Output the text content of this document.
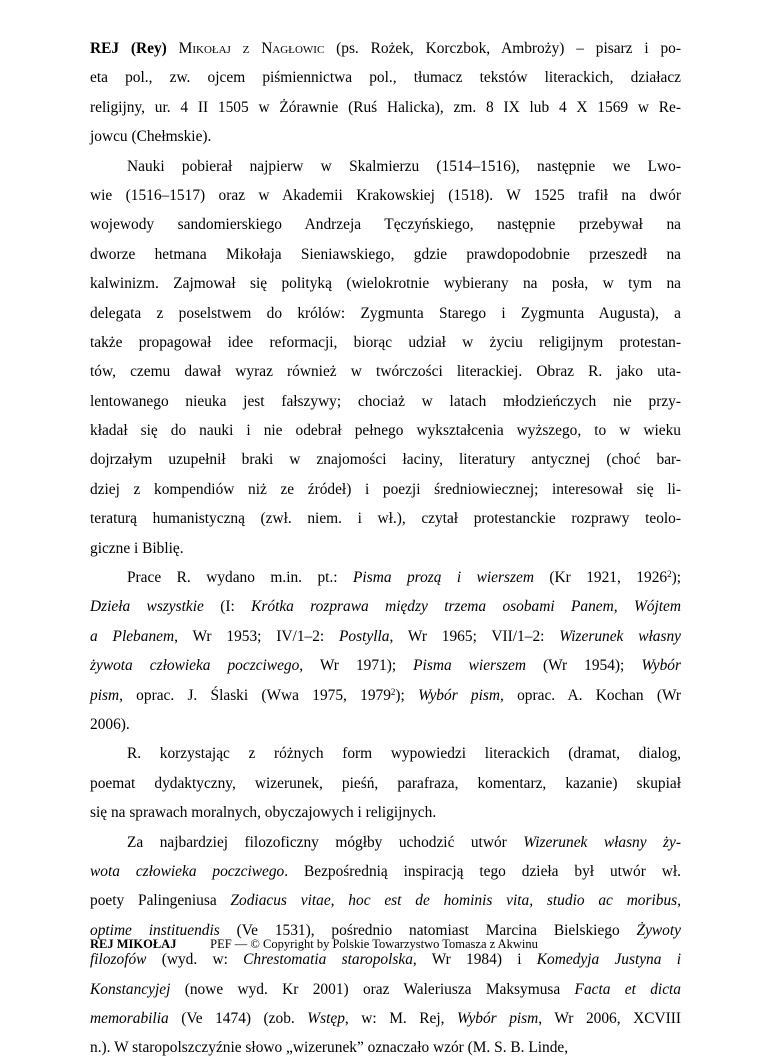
REJ (Rey) Mikołaj z Nagłowic (ps. Rożek, Korczbok, Ambroży) – pisarz i po-
eta pol., zw. ojcem piśmiennictwa pol., tłumacz tekstów literackich, działacz
religijny, ur. 4 II 1505 w Żórawnie (Ruś Halicka), zm. 8 IX lub 4 X 1569 w Re-
jowcu (Chełmskie).
Nauki pobierał najpierw w Skalmierzu (1514–1516), następnie we Lwo-
wie (1516–1517) oraz w Akademii Krakowskiej (1518). W 1525 trafił na dwór
wojewody sandomierskiego Andrzeja Tęczyńskiego, następnie przebywał na
dworze hetmana Mikołaja Sieniawskiego, gdzie prawdopodobnie przeszedł na
kalwinizm. Zajmował się polityką (wielokrotnie wybierany na posła, w tym na
delegata z poselstwem do królów: Zygmunta Starego i Zygmunta Augusta), a
także propagował idee reformacji, biorąc udział w życiu religijnym protestan-
tów, czemu dawał wyraz również w twórczości literackiej. Obraz R. jako uta-
lentowanego nieuka jest fałszywy; chociaż w latach młodzieńczych nie przy-
kładał się do nauki i nie odebrał pełnego wykształcenia wyższego, to w wieku
dojrzałym uzupełnił braki w znajomości łaciny, literatury antycznej (choć bar-
dziej z kompendiów niż ze źródeł) i poezji średniowiecznej; interesował się li-
teraturą humanistyczną (zwł. niem. i wł.), czytał protestanckie rozprawy teolo-
giczne i Biblię.
Prace R. wydano m.in. pt.: Pisma prozą i wierszem (Kr 1921, 1926$^2$);
Dzieła wszystkie (I: Krótka rozprawa między trzema osobami Panem, Wójtem
a Plebanem, Wr 1953; IV/1–2: Postylla, Wr 1965; VII/1–2: Wizerunek własny
żywota człowieka poczciwego, Wr 1971); Pisma wierszem (Wr 1954); Wybór
pism, oprac. J. Ślaski (Wwa 1975, 1979$^2$); Wybór pism, oprac. A. Kochan (Wr
2006).
R. korzystając z różnych form wypowiedzi literackich (dramat, dialog,
poemat dydaktyczny, wizerunek, pieśń, parafraza, komentarz, kazanie) skupiał
się na sprawach moralnych, obyczajowych i religijnych.
Za najbardziej filozoficzny mógłby uchodzić utwór Wizerunek własny ży-
wota człowieka poczciwego. Bezpośrednią inspiracją tego dzieła był utwór wł.
poety Palingeniusa Zodiacus vitae, hoc est de hominis vita, studio ac moribus,
optime instituendis (Ve 1531), pośrednio natomiast Marcina Bielskiego Żywoty
filozofów (wyd. w: Chrestomatia staropolska, Wr 1984) i Komedyja Justyna i
Konstancyjej (nowe wyd. Kr 2001) oraz Waleriusza Maksymusa Facta et dicta
memorabilia (Ve 1474) (zob. Wstęp, w: M. Rej, Wybór pism, Wr 2006, XCVIII
n.). W staropolszczyźnie słowo „wizerunek” oznaczało wzór (M. S. B. Linde,
REJ MIKOŁAJ	PEF — © Copyright by Polskie Towarzystwo Tomasza z Akwinu
